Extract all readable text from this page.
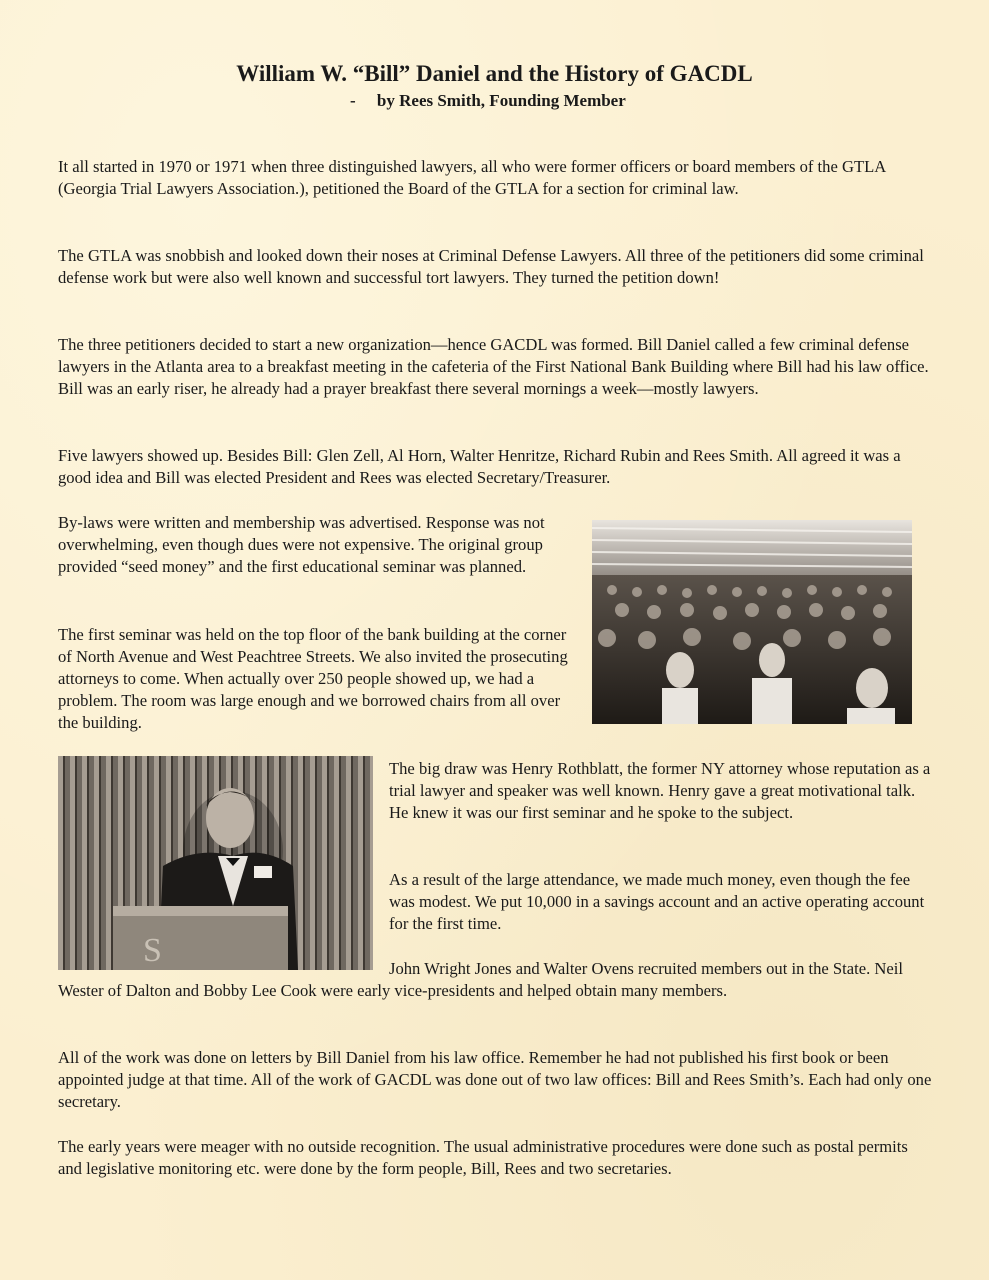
William W. “Bill” Daniel and the History of GACDL
-     by Rees Smith, Founding Member

It all started in 1970 or 1971 when three distinguished lawyers, all who were former officers or board members of the GTLA (Georgia Trial Lawyers Association.), petitioned the Board of the GTLA for a section for criminal law.

The GTLA was snobbish and looked down their noses at Criminal Defense Lawyers. All three of the petitioners did some criminal defense work but were also well known and successful tort lawyers. They turned the petition down!

The three petitioners decided to start a new organization—hence GACDL was formed. Bill Daniel called a few criminal defense lawyers in the Atlanta area to a breakfast meeting in the cafeteria of the First National Bank Building where Bill had his law office. Bill was an early riser, he already had a prayer breakfast there several mornings a week—mostly lawyers.

Five lawyers showed up. Besides Bill: Glen Zell, Al Horn, Walter Henritze, Richard Rubin and Rees Smith. All agreed it was a good idea and Bill was elected President and Rees was elected Secretary/Treasurer.

By-laws were written and membership was advertised. Response was not overwhelming, even though dues were not expensive. The original group provided “seed money” and the first educational seminar was planned.

The first seminar was held on the top floor of the bank building at the corner of North Avenue and West Peachtree Streets. We also invited the prosecuting attorneys to come. When actually over 250 people showed up, we had a problem. The room was large enough and we borrowed chairs from all over the building.

S

The big draw was Henry Rothblatt, the former NY attorney whose reputation as a trial lawyer and speaker was well known. Henry gave a great motivational talk. He knew it was our first seminar and he spoke to the subject.

As a result of the large attendance, we made much money, even though the fee was modest. We put 10,000 in a savings account and an active operating account for the first time.

John Wright Jones and Walter Ovens recruited members out in the State. Neil Wester of Dalton and Bobby Lee Cook were early vice-presidents and helped obtain many members.

All of the work was done on letters by Bill Daniel from his law office. Remember he had not published his first book or been appointed judge at that time. All of the work of GACDL was done out of two law offices: Bill and Rees Smith’s. Each had only one secretary.

The early years were meager with no outside recognition. The usual administrative procedures were done such as postal permits and legislative monitoring etc. were done by the form people, Bill, Rees and two secretaries.
